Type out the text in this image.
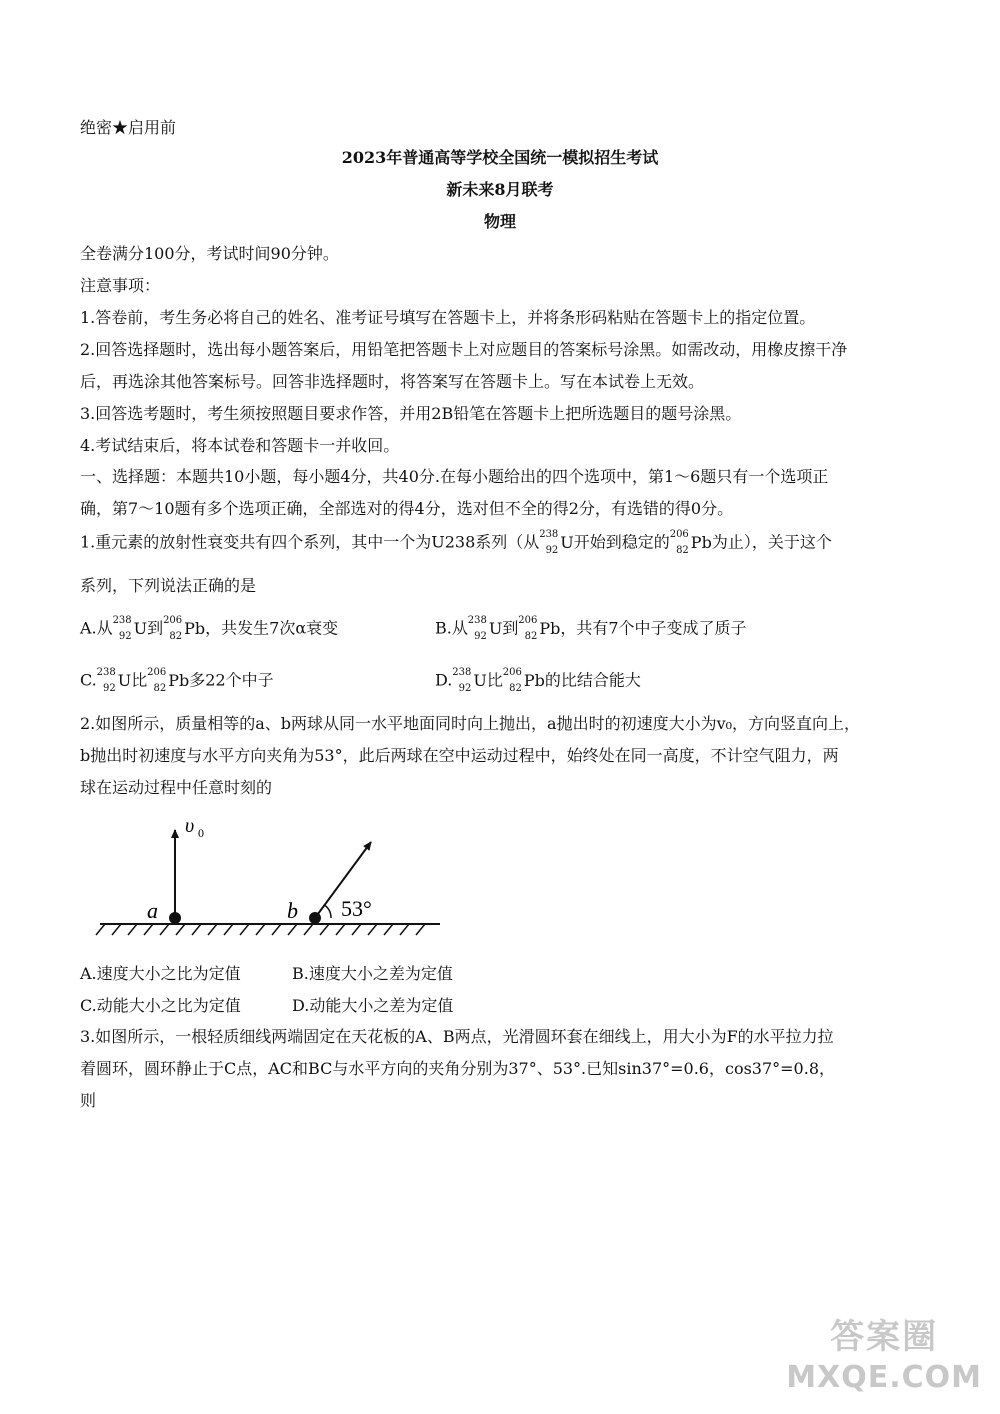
绝密★启用前
2023年普通高等学校全国统一模拟招生考试
新未来8月联考
物理
全卷满分100分，考试时间90分钟。
注意事项：
1.答卷前，考生务必将自己的姓名、准考证号填写在答题卡上，并将条形码粘贴在答题卡上的指定位置。
2.回答选择题时，选出每小题答案后，用铅笔把答题卡上对应题目的答案标号涂黑。如需改动，用橡皮擦干净
后，再选涂其他答案标号。回答非选择题时，将答案写在答题卡上。写在本试卷上无效。
3.回答选考题时，考生须按照题目要求作答，并用2B铅笔在答题卡上把所选题目的题号涂黑。
4.考试结束后，将本试卷和答题卡一并收回。
一、选择题：本题共10小题，每小题4分，共40分.在每小题给出的四个选项中，第1～6题只有一个选项正
确，第7～10题有多个选项正确，全部选对的得4分，选对但不全的得2分，有选错的得0分。
1.重元素的放射性衰变共有四个系列，其中一个为U238系列（从 238
92 U开始到稳定的 206
82 Pb为止），关于这个
系列，下列说法正确的是
A.从 238
92 U到 206
82 Pb，共发生7次α衰变	B.从 238
92 U到 206
82 Pb，共有7个中子变成了质子
C. 238
92 U比 206
82 Pb多22个中子	D. 238
92 U比 206
82 Pb的比结合能大
2.如图所示，质量相等的a、b两球从同一水平地面同时向上抛出，a抛出时的初速度大小为v₀，方向竖直向上，
b抛出时初速度与水平方向夹角为53°，此后两球在空中运动过程中，始终处在同一高度，不计空气阻力，两
球在运动过程中任意时刻的
a	b
υ 0
53°
A.速度大小之比为定值	B.速度大小之差为定值
C.动能大小之比为定值	D.动能大小之差为定值
3.如图所示，一根轻质细线两端固定在天花板的A、B两点，光滑圆环套在细线上，用大小为F的水平拉力拉
着圆环，圆环静止于C点，AC和BC与水平方向的夹角分别为37°、53°.已知sin37°=0.6，cos37°=0.8，
则
答案圈
MXQE.COM
